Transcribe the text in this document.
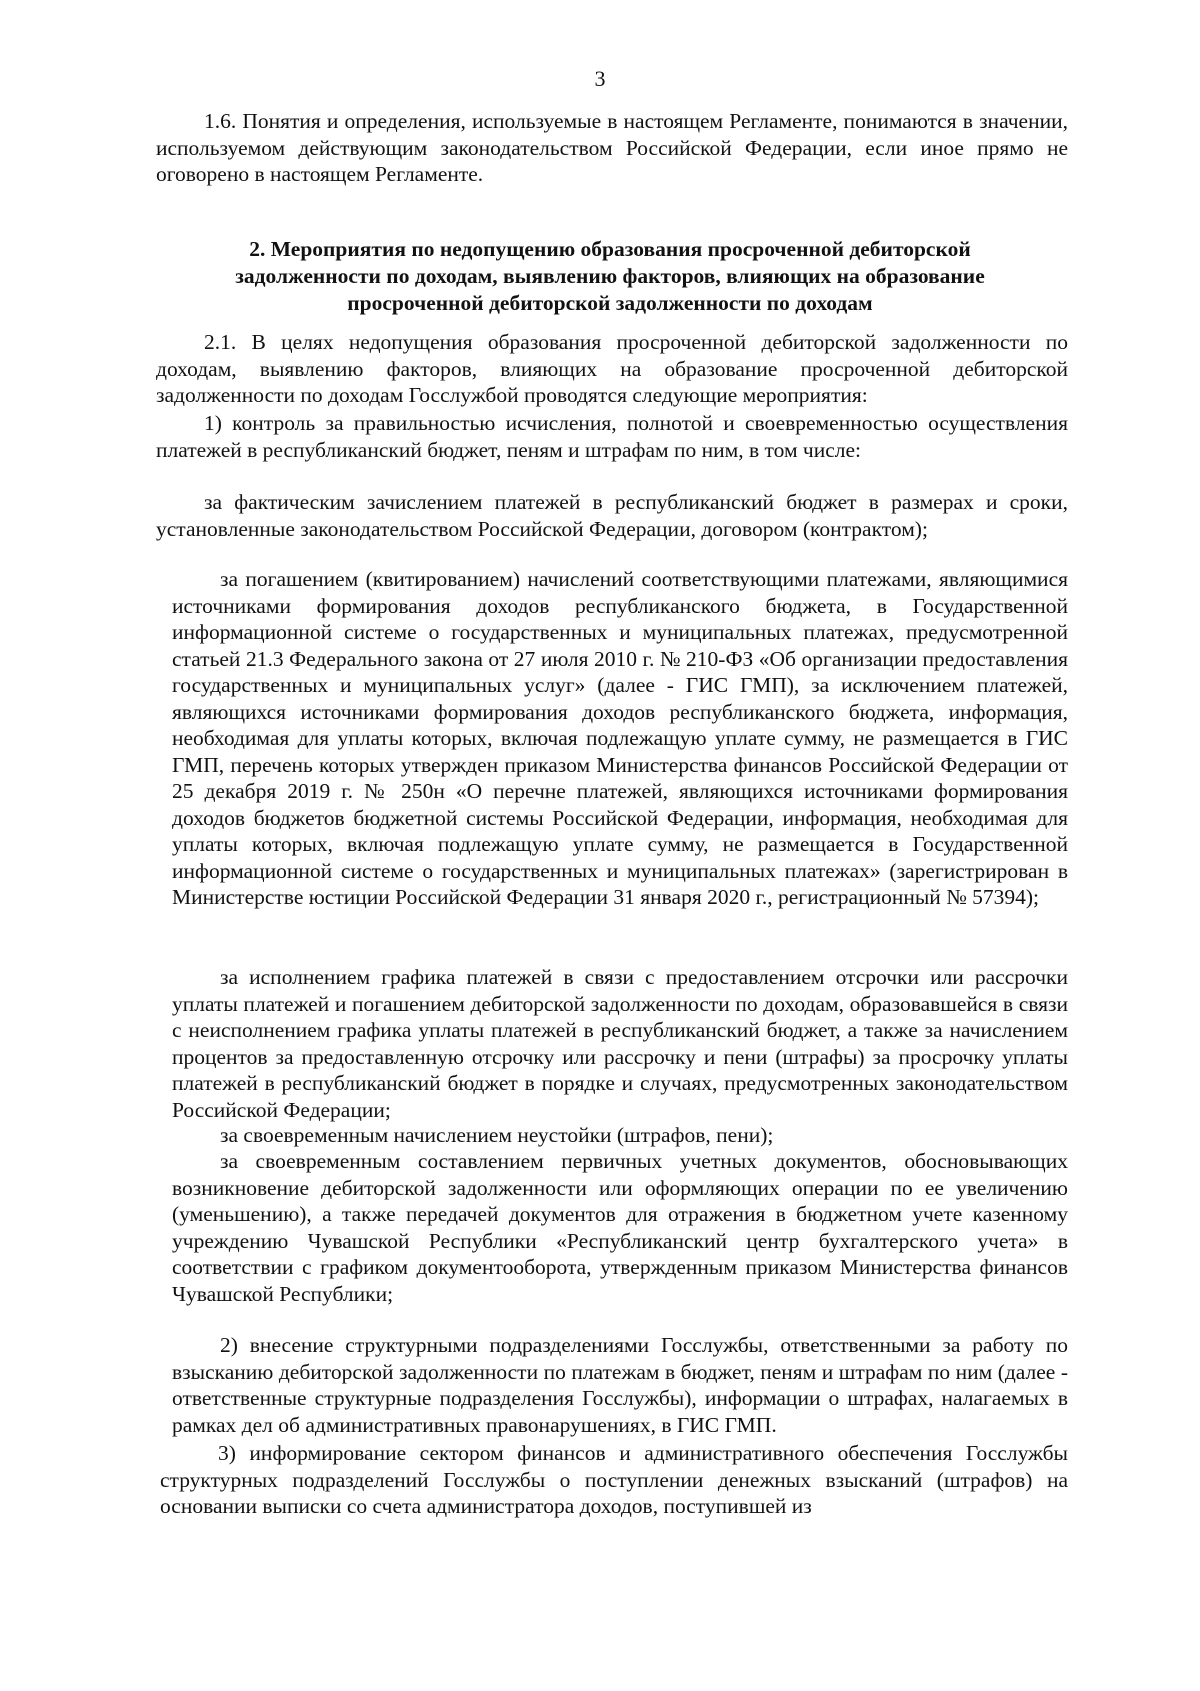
3

1.6. Понятия и определения, используемые в настоящем Регламенте, понимаются в значении, используемом действующим законодательством Российской Федерации, если иное прямо не оговорено в настоящем Регламенте.

2. Мероприятия по недопущению образования просроченной дебиторской
задолженности по доходам, выявлению факторов, влияющих на образование
просроченной дебиторской задолженности по доходам

2.1. В целях недопущения образования просроченной дебиторской задолженности по доходам, выявлению факторов, влияющих на образование просроченной дебиторской задолженности по доходам Госслужбой проводятся следующие мероприятия:

1) контроль за правильностью исчисления, полнотой и своевременностью осуществления платежей в республиканский бюджет, пеням и штрафам по ним, в том числе:

за фактическим зачислением платежей в республиканский бюджет в размерах и сроки, установленные законодательством Российской Федерации, договором (контрактом);

за погашением (квитированием) начислений соответствующими платежами, являющимися источниками формирования доходов республиканского бюджета, в Государственной информационной системе о государственных и муниципальных платежах, предусмотренной статьей 21.3 Федерального закона от 27 июля 2010 г. № 210-ФЗ «Об организации предоставления государственных и муниципальных услуг» (далее - ГИС ГМП), за исключением платежей, являющихся источниками формирования доходов республиканского бюджета, информация, необходимая для уплаты которых, включая подлежащую уплате сумму, не размещается в ГИС ГМП, перечень которых утвержден приказом Министерства финансов Российской Федерации от 25 декабря 2019 г. № 250н «О перечне платежей, являющихся источниками формирования доходов бюджетов бюджетной системы Российской Федерации, информация, необходимая для уплаты которых, включая подлежащую уплате сумму, не размещается в Государственной информационной системе о государственных и муниципальных платежах» (зарегистрирован в Министерстве юстиции Российской Федерации 31 января 2020 г., регистрационный № 57394);

за исполнением графика платежей в связи с предоставлением отсрочки или рассрочки уплаты платежей и погашением дебиторской задолженности по доходам, образовавшейся в связи с неисполнением графика уплаты платежей в республиканский бюджет, а также за начислением процентов за предоставленную отсрочку или рассрочку и пени (штрафы) за просрочку уплаты платежей в республиканский бюджет в порядке и случаях, предусмотренных законодательством Российской Федерации;

за своевременным начислением неустойки (штрафов, пени);

за своевременным составлением первичных учетных документов, обосновывающих возникновение дебиторской задолженности или оформляющих операции по ее увеличению (уменьшению), а также передачей документов для отражения в бюджетном учете казенному учреждению Чувашской Республики «Республиканский центр бухгалтерского учета» в соответствии с графиком документооборота, утвержденным приказом Министерства финансов Чувашской Республики;

2) внесение структурными подразделениями Госслужбы, ответственными за работу по взысканию дебиторской задолженности по платежам в бюджет, пеням и штрафам по ним (далее - ответственные структурные подразделения Госслужбы), информации о штрафах, налагаемых в рамках дел об административных правонарушениях, в ГИС ГМП.

3) информирование сектором финансов и административного обеспечения Госслужбы структурных подразделений Госслужбы о поступлении денежных взысканий (штрафов) на основании выписки со счета администратора доходов, поступившей из
